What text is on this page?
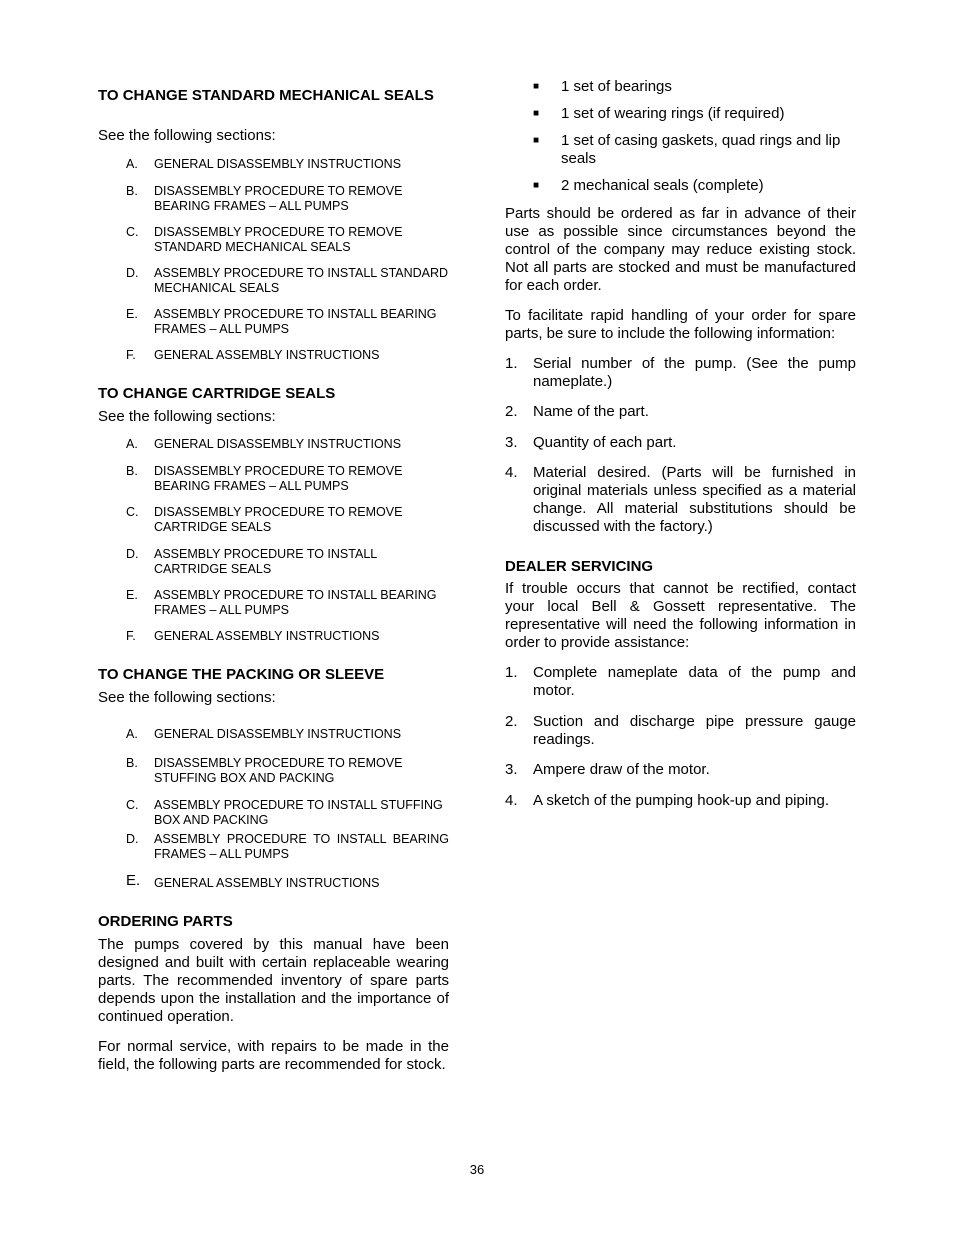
TO CHANGE STANDARD MECHANICAL SEALS
See the following sections:
A.	GENERAL DISASSEMBLY INSTRUCTIONS
B.	DISASSEMBLY PROCEDURE TO REMOVE BEARING FRAMES – ALL PUMPS
C.	DISASSEMBLY PROCEDURE TO REMOVE STANDARD MECHANICAL SEALS
D.	ASSEMBLY PROCEDURE TO INSTALL STANDARD MECHANICAL SEALS
E.	ASSEMBLY PROCEDURE TO INSTALL BEARING FRAMES – ALL PUMPS
F.	GENERAL ASSEMBLY INSTRUCTIONS
TO CHANGE CARTRIDGE SEALS
See the following sections:
A.	GENERAL DISASSEMBLY INSTRUCTIONS
B.	DISASSEMBLY PROCEDURE TO REMOVE BEARING FRAMES – ALL PUMPS
C.	DISASSEMBLY PROCEDURE TO REMOVE CARTRIDGE SEALS
D.	ASSEMBLY PROCEDURE TO INSTALL CARTRIDGE SEALS
E.	ASSEMBLY PROCEDURE TO INSTALL BEARING FRAMES – ALL PUMPS
F.	GENERAL ASSEMBLY INSTRUCTIONS
TO CHANGE THE PACKING OR SLEEVE
See the following sections:
A.	GENERAL DISASSEMBLY INSTRUCTIONS
B.	DISASSEMBLY PROCEDURE TO REMOVE STUFFING BOX AND PACKING
C.	ASSEMBLY PROCEDURE TO INSTALL STUFFING BOX AND PACKING
D.	ASSEMBLY PROCEDURE TO INSTALL BEARING FRAMES – ALL PUMPS
E.	GENERAL ASSEMBLY INSTRUCTIONS
ORDERING PARTS
The pumps covered by this manual have been designed and built with certain replaceable wearing parts. The recommended inventory of spare parts depends upon the installation and the importance of continued operation.
For normal service, with repairs to be made in the field, the following parts are recommended for stock.
■ 1 set of bearings
■ 1 set of wearing rings (if required)
■ 1 set of casing gaskets, quad rings and lip seals
■ 2 mechanical seals (complete)
Parts should be ordered as far in advance of their use as possible since circumstances beyond the control of the company may reduce existing stock. Not all parts are stocked and must be manufactured for each order.
To facilitate rapid handling of your order for spare parts, be sure to include the following information:
1. Serial number of the pump. (See the pump nameplate.)
2. Name of the part.
3. Quantity of each part.
4. Material desired. (Parts will be furnished in original materials unless specified as a material change. All material substitutions should be discussed with the factory.)
DEALER SERVICING
If trouble occurs that cannot be rectified, contact your local Bell & Gossett representative. The representative will need the following information in order to provide assistance:
1. Complete nameplate data of the pump and motor.
2. Suction and discharge pipe pressure gauge readings.
3. Ampere draw of the motor.
4. A sketch of the pumping hook-up and piping.
36
